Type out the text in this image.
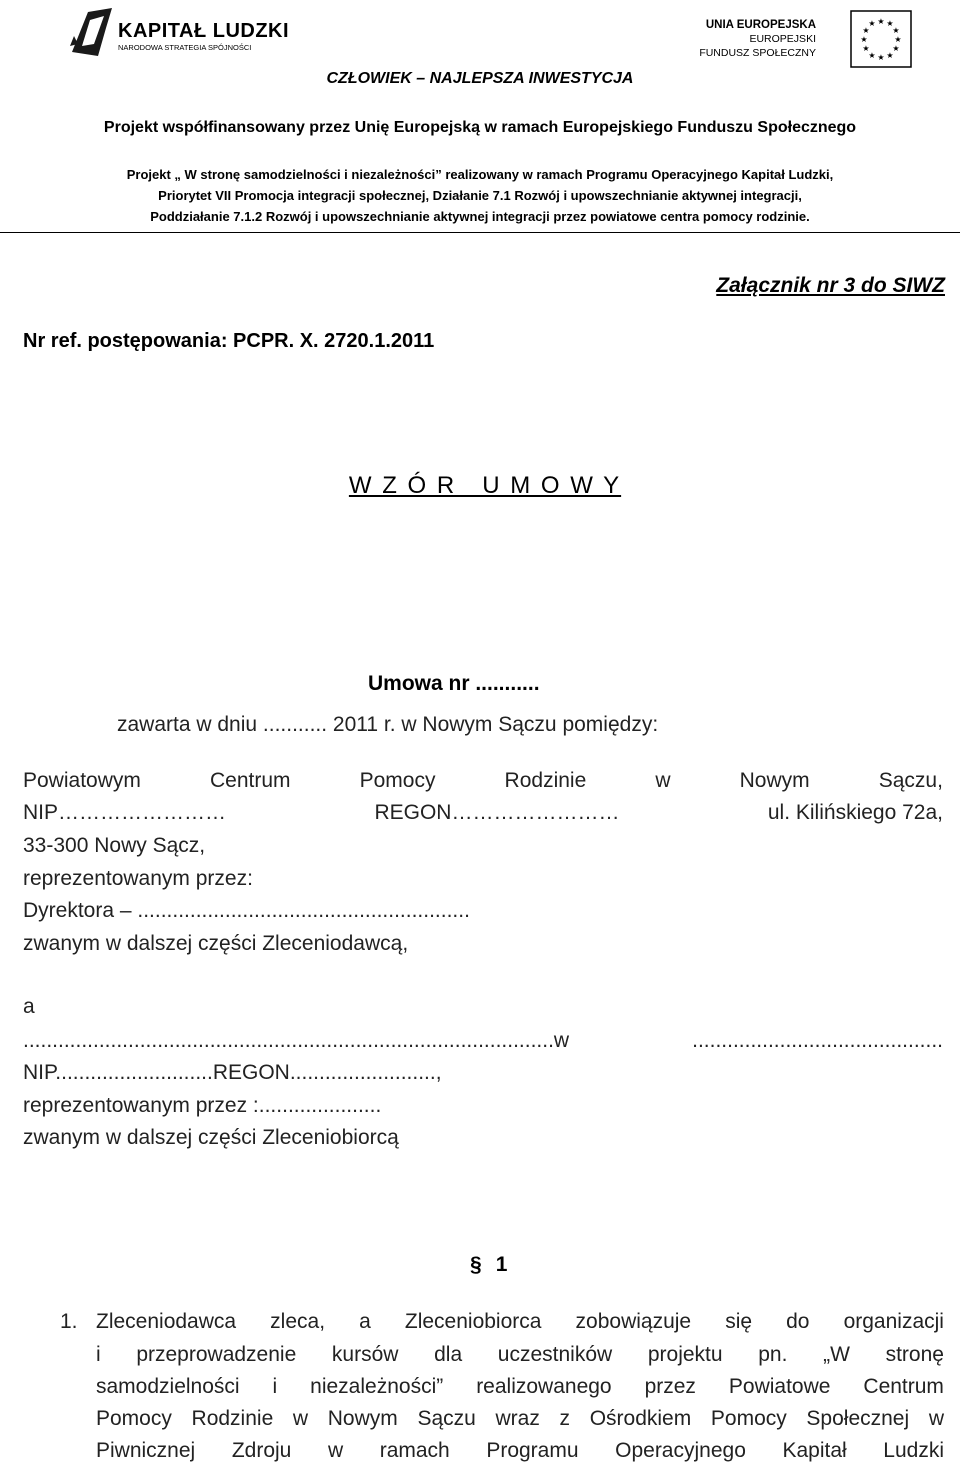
KAPITAŁ LUDZKI
NARODOWA STRATEGIA SPÓJNOŚCI
UNIA EUROPEJSKA
EUROPEJSKI
FUNDUSZ SPOŁECZNY
★ ★
★
★
★
★
★
★
★
★
★
★
CZŁOWIEK – NAJLEPSZA INWESTYCJA
Projekt współfinansowany przez Unię Europejską w ramach Europejskiego Funduszu Społecznego
Projekt „ W stronę samodzielności i niezależności” realizowany w ramach Programu Operacyjnego Kapitał Ludzki,
Priorytet VII Promocja integracji społecznej, Działanie 7.1 Rozwój i upowszechnianie aktywnej integracji,
Poddziałanie 7.1.2 Rozwój i upowszechnianie aktywnej integracji przez powiatowe centra pomocy rodzinie.
Załącznik nr 3 do SIWZ
Nr ref. postępowania: PCPR. X. 2720.1.2011
W Z Ó R   U M O W Y
Umowa nr ...........
zawarta w dniu ........... 2011 r. w Nowym Sączu pomiędzy:
Powiatowym	Centrum	Pomocy	Rodzinie	w	Nowym	Sączu,
NIP……………………	REGON……………………	ul. Kilińskiego 72a,
33-300 Nowy Sącz,
reprezentowanym przez:
Dyrektora – .........................................................
zwanym w dalszej części Zleceniodawcą,
a
...........................................................................................w	...........................................
NIP...........................REGON.........................,
reprezentowanym przez :.....................
zwanym w dalszej części Zleceniobiorcą
§ 1
1. Zleceniodawca zleca, a Zleceniobiorca zobowiązuje się do organizacji
i przeprowadzenie kursów dla uczestników projektu pn. „W stronę
samodzielności i niezależności” realizowanego przez Powiatowe Centrum
Pomocy Rodzinie w Nowym Sączu wraz z Ośrodkiem Pomocy Społecznej w
Piwnicznej Zdroju w ramach Programu Operacyjnego Kapitał Ludzki
